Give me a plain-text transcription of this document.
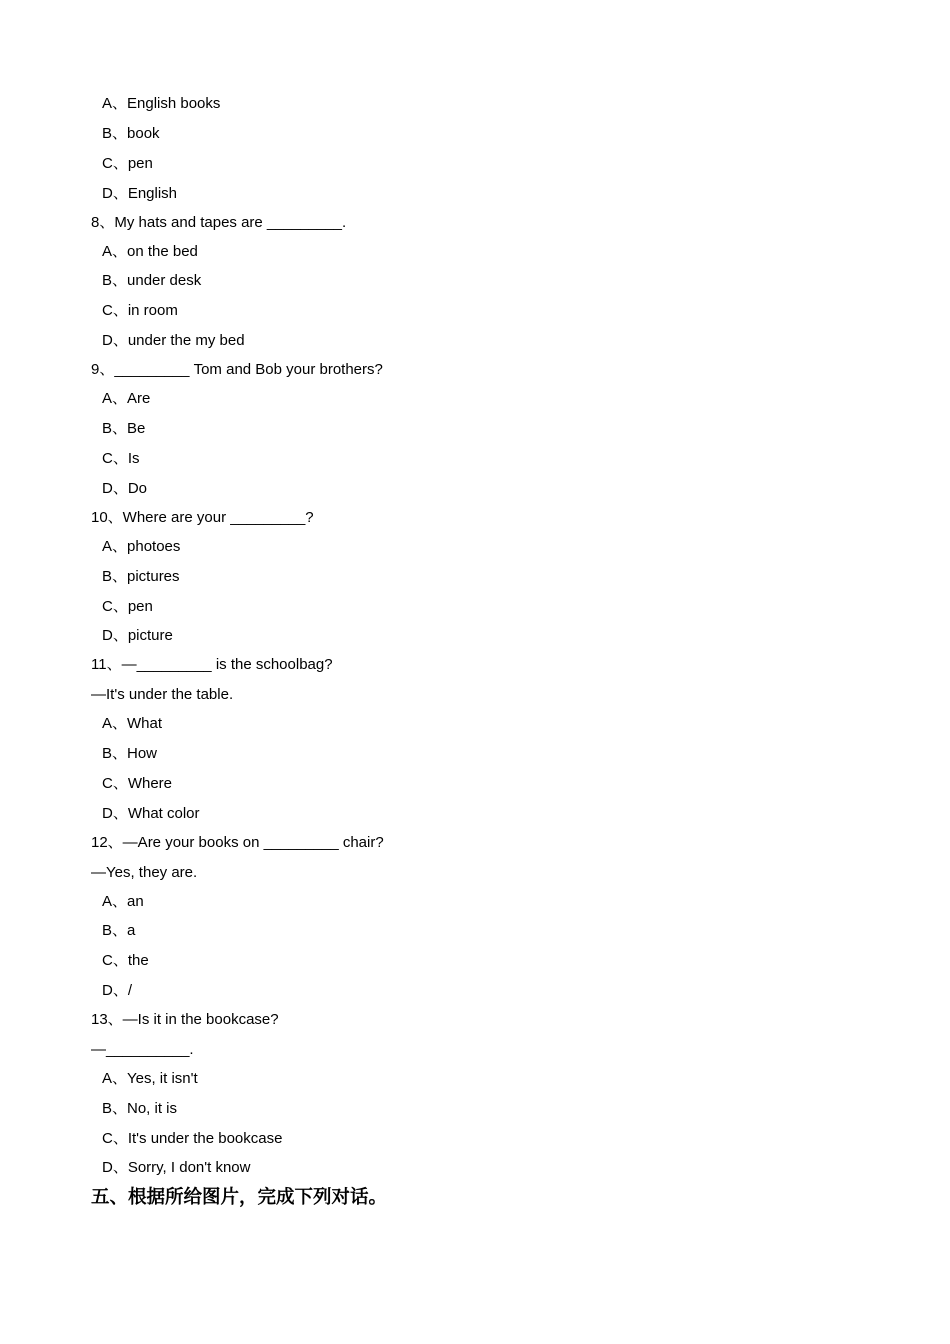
A、English books
B、book
C、pen
D、English
8、My hats and tapes are _________.
A、on the bed
B、under desk
C、in room
D、under the my bed
9、_________ Tom and Bob your brothers?
A、Are
B、Be
C、Is
D、Do
10、Where are your _________?
A、photoes
B、pictures
C、pen
D、picture
11、—_________ is the schoolbag?
—It's under the table.
A、What
B、How
C、Where
D、What color
12、—Are your books on _________ chair?
—Yes, they are.
A、an
B、a
C、the
D、/
13、—Is it in the bookcase?
—__________.
A、Yes, it isn't
B、No, it is
C、It's under the bookcase
D、Sorry, I don't know
五、根据所给图片，完成下列对话。
